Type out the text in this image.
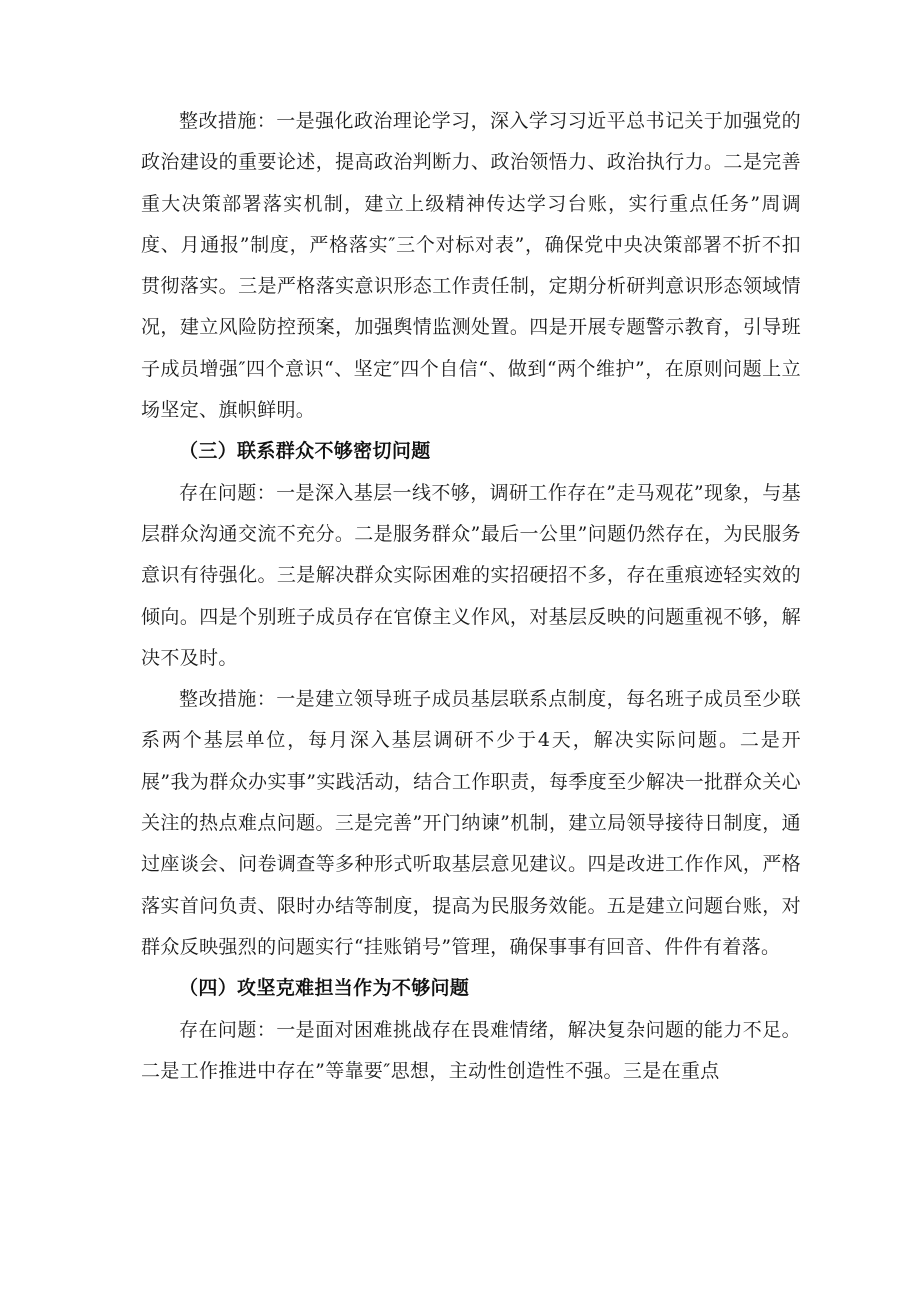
整改措施：一是强化政治理论学习，深入学习习近平总书记关于加强党的政治建设的重要论述，提高政治判断力、政治领悟力、政治执行力。二是完善重大决策部署落实机制，建立上级精神传达学习台账，实行重点任务”周调度、月通报”制度，严格落实″三个对标对表”，确保党中央决策部署不折不扣贯彻落实。三是严格落实意识形态工作责任制，定期分析研判意识形态领域情况，建立风险防控预案，加强舆情监测处置。四是开展专题警示教育，引导班子成员增强″四个意识“、坚定″四个自信“、做到“两个维护”，在原则问题上立场坚定、旗帜鲜明。

（三）联系群众不够密切问题

存在问题：一是深入基层一线不够，调研工作存在”走马观花”现象，与基层群众沟通交流不充分。二是服务群众”最后一公里”问题仍然存在，为民服务意识有待强化。三是解决群众实际困难的实招硬招不多，存在重痕迹轻实效的倾向。四是个别班子成员存在官僚主义作风，对基层反映的问题重视不够，解决不及时。

整改措施：一是建立领导班子成员基层联系点制度，每名班子成员至少联系两个基层单位，每月深入基层调研不少于4天，解决实际问题。二是开展”我为群众办实事”实践活动，结合工作职责，每季度至少解决一批群众关心关注的热点难点问题。三是完善”开门纳谏”机制，建立局领导接待日制度，通过座谈会、问卷调查等多种形式听取基层意见建议。四是改进工作作风，严格落实首问负责、限时办结等制度，提高为民服务效能。五是建立问题台账，对群众反映强烈的问题实行“挂账销号”管理，确保事事有回音、件件有着落。

（四）攻坚克难担当作为不够问题

存在问题：一是面对困难挑战存在畏难情绪，解决复杂问题的能力不足。二是工作推进中存在”等靠要″思想，主动性创造性不强。三是在重点
